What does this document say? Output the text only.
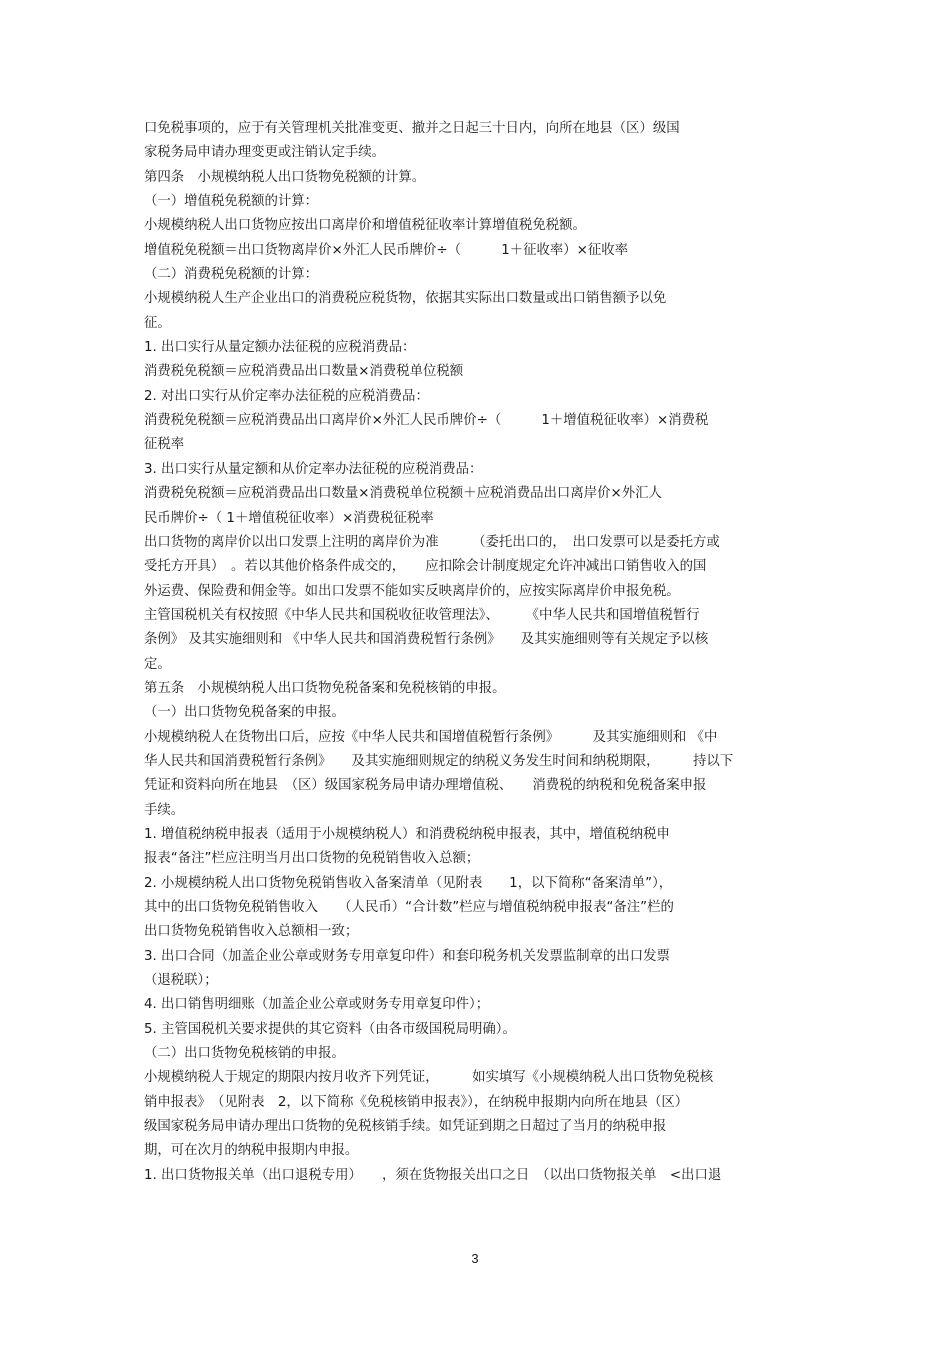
口免税事项的，应于有关管理机关批准变更、撤并之日起三十日内，向所在地县（区）级国
家税务局申请办理变更或注销认定手续。
第四条　小规模纳税人出口货物免税额的计算。
（一）增值税免税额的计算：
小规模纳税人出口货物应按出口离岸价和增值税征收率计算增值税免税额。
增值税免税额＝出口货物离岸价×外汇人民币牌价÷（　　　1＋征收率）×征收率
（二）消费税免税额的计算：
小规模纳税人生产企业出口的消费税应税货物，依据其实际出口数量或出口销售额予以免
征。
1. 出口实行从量定额办法征税的应税消费品：
消费税免税额＝应税消费品出口数量×消费税单位税额
2. 对出口实行从价定率办法征税的应税消费品：
消费税免税额＝应税消费品出口离岸价×外汇人民币牌价÷（　　　1＋增值税征收率）×消费税
征税率
3. 出口实行从量定额和从价定率办法征税的应税消费品：
消费税免税额＝应税消费品出口数量×消费税单位税额＋应税消费品出口离岸价×外汇人
民币牌价÷（ 1＋增值税征收率）×消费税征税率
出口货物的离岸价以出口发票上注明的离岸价为准　　　（委托出口的，　出口发票可以是委托方或
受托方开具）　。若以其他价格条件成交的，　　应扣除会计制度规定允许冲减出口销售收入的国
外运费、保险费和佣金等。如出口发票不能如实反映离岸价的，应按实际离岸价申报免税。
主管国税机关有权按照《中华人民共和国税收征收管理法》、　　　《中华人民共和国增值税暂行
条例》 及其实施细则和 《中华人民共和国消费税暂行条例》　　及其实施细则等有关规定予以核
定。
第五条　小规模纳税人出口货物免税备案和免税核销的申报。
（一）出口货物免税备案的申报。
小规模纳税人在货物出口后，应按《中华人民共和国增值税暂行条例》　　　及其实施细则和 《中
华人民共和国消费税暂行条例》　　及其实施细则规定的纳税义务发生时间和纳税期限，　　　持以下
凭证和资料向所在地县　（区）级国家税务局申请办理增值税、　　消费税的纳税和免税备案申报
手续。
1. 增值税纳税申报表（适用于小规模纳税人）和消费税纳税申报表，其中，增值税纳税申
报表“备注”栏应注明当月出口货物的免税销售收入总额；
2. 小规模纳税人出口货物免税销售收入备案清单（见附表　　1，以下简称“备案清单”），
其中的出口货物免税销售收入　　（人民币）“合计数”栏应与增值税纳税申报表“备注”栏的
出口货物免税销售收入总额相一致；
3. 出口合同（加盖企业公章或财务专用章复印件）和套印税务机关发票监制章的出口发票
（退税联）；
4. 出口销售明细账（加盖企业公章或财务专用章复印件）；
5. 主管国税机关要求提供的其它资料（由各市级国税局明确）。
（二）出口货物免税核销的申报。
小规模纳税人于规定的期限内按月收齐下列凭证，　　　如实填写《小规模纳税人出口货物免税核
销申报表》　（见附表　2，以下简称《免税核销申报表》），在纳税申报期内向所在地县（区）
级国家税务局申请办理出口货物的免税核销手续。如凭证到期之日超过了当月的纳税申报
期，可在次月的纳税申报期内申报。
1. 出口货物报关单（出口退税专用）　　，须在货物报关出口之日　（以出口货物报关单　<出口退
3
